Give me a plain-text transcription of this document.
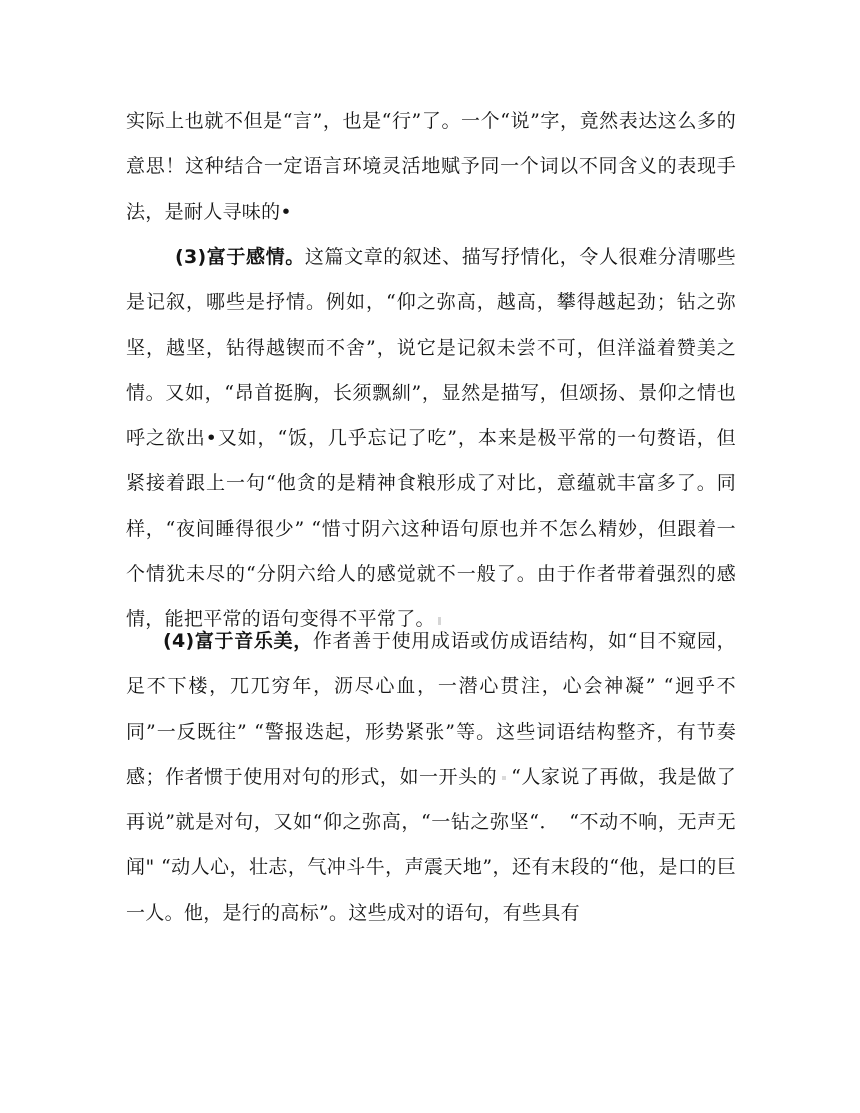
实际上也就不但是“言”，也是“行”了。一个“说”字，竟然表达这么多的意思！这种结合一定语言环境灵活地赋予同一个词以不同含义的表现手法，是耐人寻味的•

(3)富于感情。这篇文章的叙述、描写抒情化，令人很难分清哪些是记叙，哪些是抒情。例如，“仰之弥高，越高，攀得越起劲；钻之弥坚，越坚，钻得越锲而不舍”，说它是记叙未尝不可，但洋溢着赞美之情。又如，“昂首挺胸，长须飘紃”，显然是描写，但颂扬、景仰之情也呼之欲出•又如，“饭，几乎忘记了吃”，本来是极平常的一句赘语，但紧接着跟上一句“他贪的是精神食粮形成了对比，意蕴就丰富多了。同样，“夜间睡得很少” “惜寸阴六这种语句原也并不怎么精妙，但跟着一个情犹未尽的“分阴六给人的感觉就不一般了。由于作者带着强烈的感情，能把平常的语句变得不平常了。

(4)富于音乐美，作者善于使用成语或仿成语结构，如“目不窥园，足不下楼，兀兀穷年，沥尽心血，一潜心贯注，心会神凝” “迥乎不同”一反既往” “警报迭起，形势紧张”等。这些词语结构整齐，有节奏感；作者惯于使用对句的形式，如一开头的 “人家说了再做，我是做了再说”就是对句，又如“仰之弥高，“一钻之弥坚“．　“不动不响，无声无闻" “动人心，壮志，气冲斗牛，声震天地”，还有末段的“他，是口的巨一人。他，是行的高标”。这些成对的语句，有些具有
